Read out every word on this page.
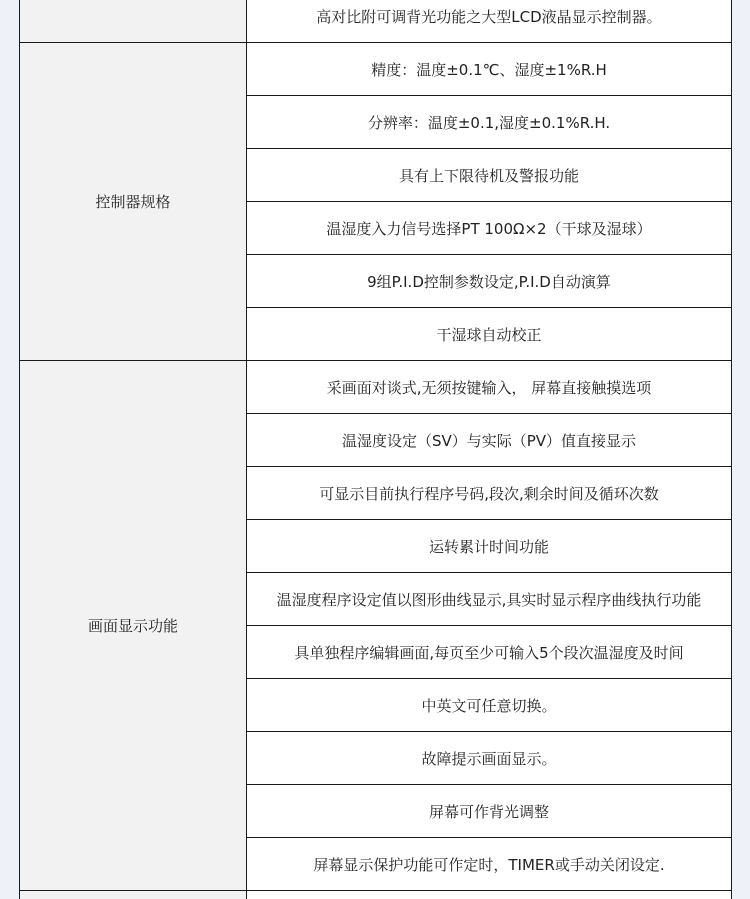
	高对比附可调背光功能之大型LCD液晶显示控制器。
控制器规格	精度：温度±0.1℃、湿度±1%R.H
	分辨率：温度±0.1,湿度±0.1%R.H.
	具有上下限待机及警报功能
	温湿度入力信号选择PT 100Ω×2（干球及湿球）
	9组P.I.D控制参数设定,P.I.D自动演算
	干湿球自动校正
画面显示功能	采画面对谈式,无须按键输入， 屏幕直接触摸选项
	温湿度设定（SV）与实际（PV）值直接显示
	可显示目前执行程序号码,段次,剩余时间及循环次数
	运转累计时间功能
	温湿度程序设定值以图形曲线显示,具实时显示程序曲线执行功能
	具单独程序编辑画面,每页至少可输入5个段次温湿度及时间
	中英文可任意切换。
	故障提示画面显示。
	屏幕可作背光调整
	屏幕显示保护功能可作定时，TIMER或手动关闭设定.
